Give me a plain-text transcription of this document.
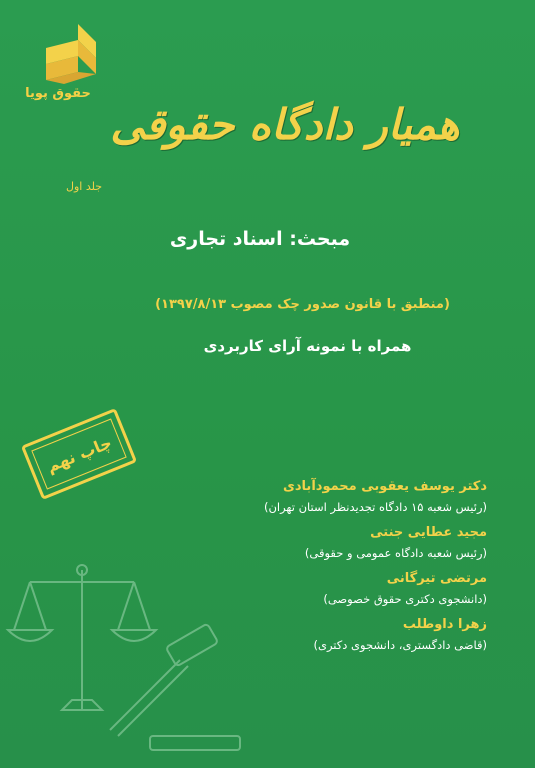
حقوق پویا
همیار دادگاه حقوقی
جلد اول
مبحث: اسناد تجاری
(منطبق با قانون صدور چک مصوب ۱۳۹۷/۸/۱۳)
همراه با نمونه آرای کاربردی
چاپ نهم
دکتر یوسف یعقوبی محمودآبادی
(رئیس شعبه ۱۵ دادگاه تجدیدنظر استان تهران)
مجید عطایی جنتی
(رئیس شعبه دادگاه عمومی و حقوقی)
مرتضی تیرگانی
(دانشجوی دکتری حقوق خصوصی)
زهرا داوطلب
(قاضی دادگستری، دانشجوی دکتری)
